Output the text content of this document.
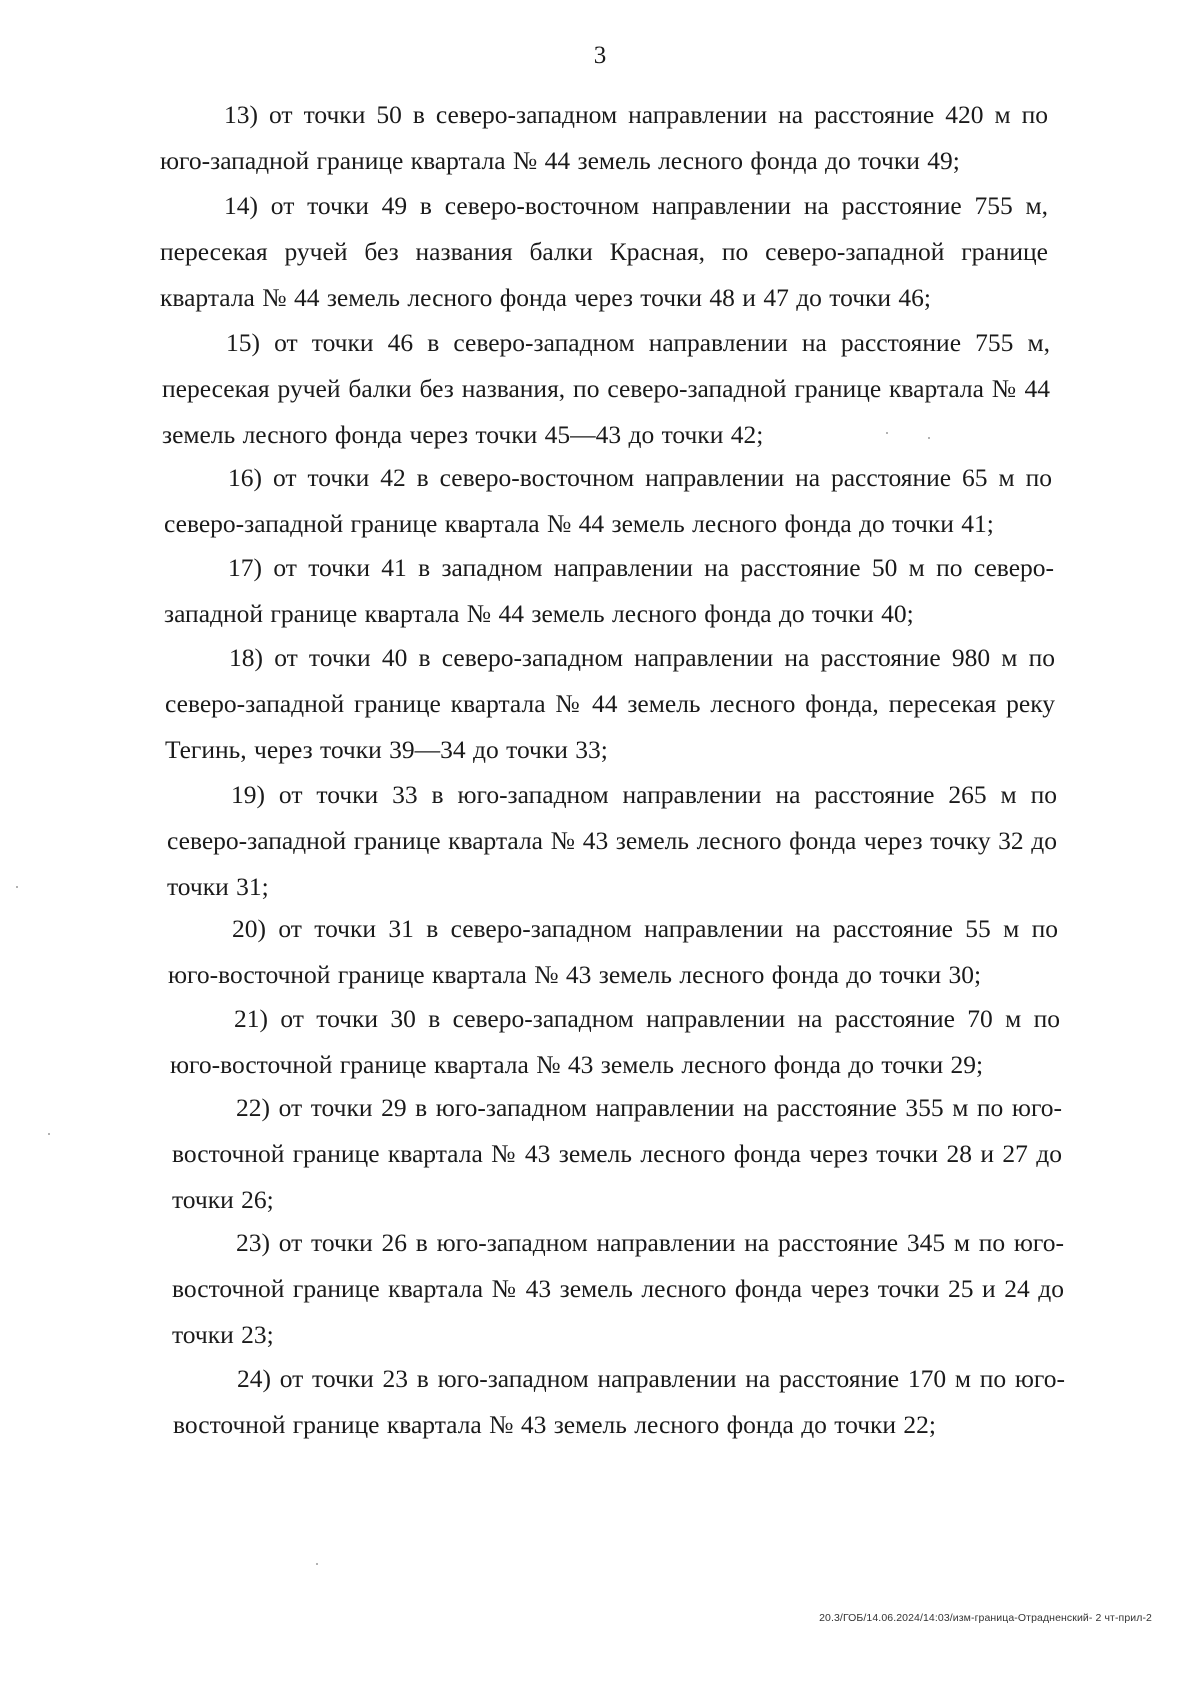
3

13) от точки 50 в северо-западном направлении на расстояние 420 м по юго-западной границе квартала № 44 земель лесного фонда до точки 49;

14) от точки 49 в северо-восточном направлении на расстояние 755 м, пересекая ручей без названия балки Красная, по северо-западной границе квартала № 44 земель лесного фонда через точки 48 и 47 до точки 46;

15) от точки 46 в северо-западном направлении на расстояние 755 м, пересекая ручей балки без названия, по северо-западной границе квартала № 44 земель лесного фонда через точки 45—43 до точки 42;

16) от точки 42 в северо-восточном направлении на расстояние 65 м по северо-западной границе квартала № 44 земель лесного фонда до точки 41;

17) от точки 41 в западном направлении на расстояние 50 м по северо-западной границе квартала № 44 земель лесного фонда до точки 40;

18) от точки 40 в северо-западном направлении на расстояние 980 м по северо-западной границе квартала № 44 земель лесного фонда, пересекая реку Тегинь, через точки 39—34 до точки 33;

19) от точки 33 в юго-западном направлении на расстояние 265 м по северо-западной границе квартала № 43 земель лесного фонда через точку 32 до точки 31;

20) от точки 31 в северо-западном направлении на расстояние 55 м по юго-восточной границе квартала № 43 земель лесного фонда до точки 30;

21) от точки 30 в северо-западном направлении на расстояние 70 м по юго-восточной границе квартала № 43 земель лесного фонда до точки 29;

22) от точки 29 в юго-западном направлении на расстояние 355 м по юго-восточной границе квартала № 43 земель лесного фонда через точки 28 и 27 до точки 26;

23) от точки 26 в юго-западном направлении на расстояние 345 м по юго-восточной границе квартала № 43 земель лесного фонда через точки 25 и 24 до точки 23;

24) от точки 23 в юго-западном направлении на расстояние 170 м по юго-восточной границе квартала № 43 земель лесного фонда до точки 22;

20.3/ГОБ/14.06.2024/14:03/изм-граница-Отрадненский- 2 чт-прил-2
